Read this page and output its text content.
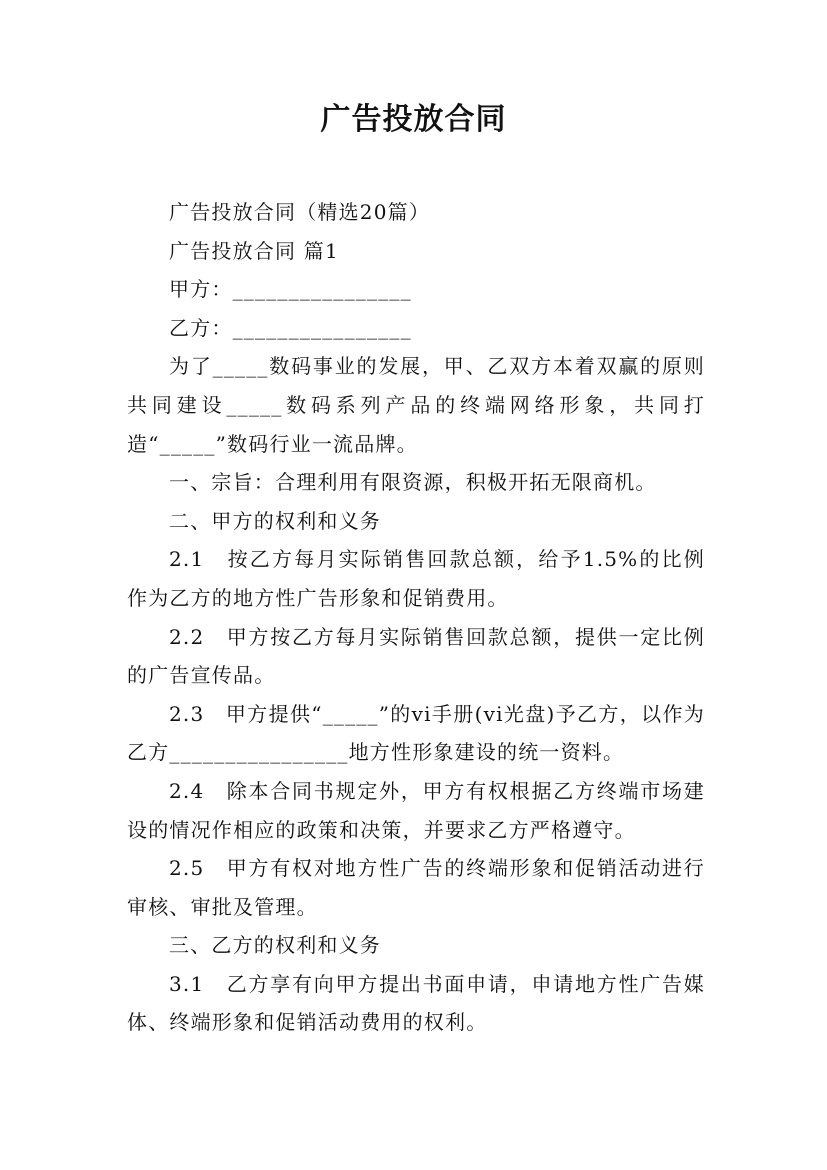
广告投放合同

广告投放合同（精选20篇）

广告投放合同 篇1

甲方：________________

乙方：________________

为了_____数码事业的发展，甲、乙双方本着双赢的原则共同建设_____数码系列产品的终端网络形象，共同打造“_____”数码行业一流品牌。

一、宗旨：合理利用有限资源，积极开拓无限商机。

二、甲方的权利和义务

2.1　按乙方每月实际销售回款总额，给予1.5%的比例作为乙方的地方性广告形象和促销费用。

2.2　甲方按乙方每月实际销售回款总额，提供一定比例的广告宣传品。

2.3　甲方提供“_____”的vi手册(vi光盘)予乙方，以作为乙方________________地方性形象建设的统一资料。

2.4　除本合同书规定外，甲方有权根据乙方终端市场建设的情况作相应的政策和决策，并要求乙方严格遵守。

2.5　甲方有权对地方性广告的终端形象和促销活动进行审核、审批及管理。

三、乙方的权利和义务

3.1　乙方享有向甲方提出书面申请，申请地方性广告媒体、终端形象和促销活动费用的权利。
